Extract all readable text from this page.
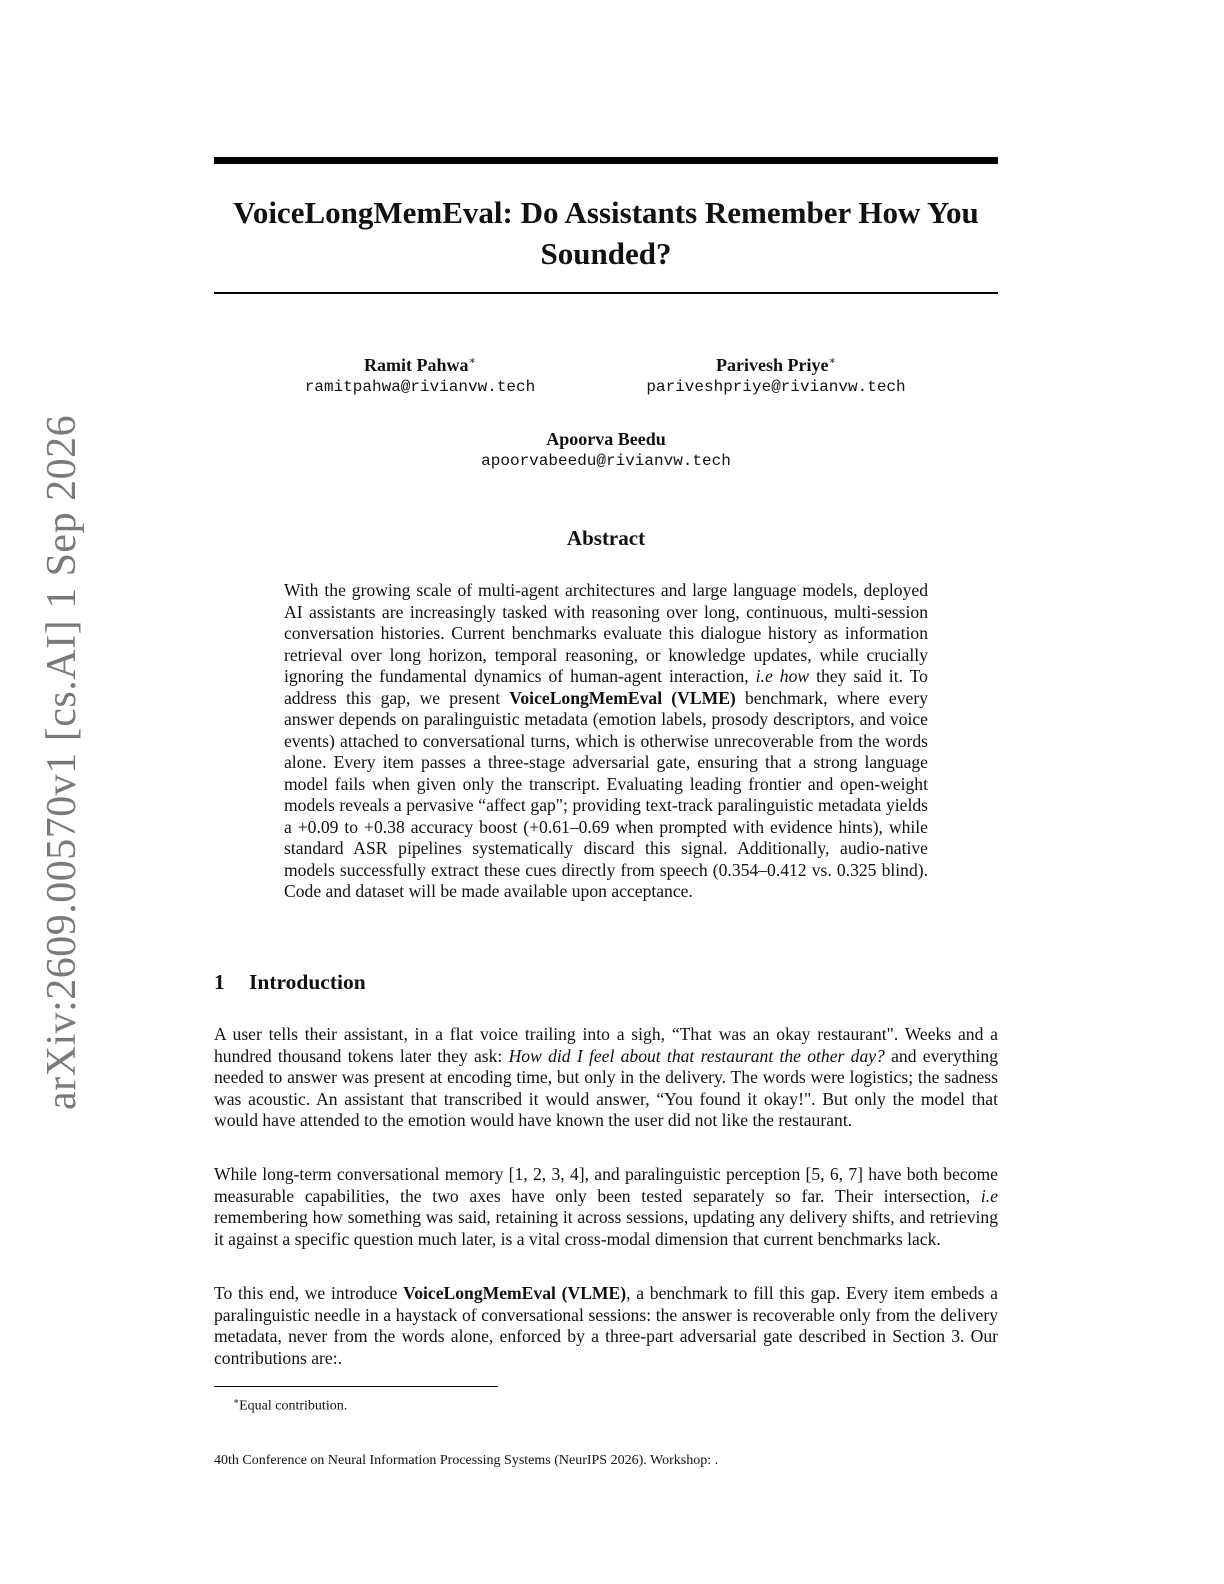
arXiv:2609.00570v1 [cs.AI] 1 Sep 2026
VoiceLongMemEval: Do Assistants Remember How You Sounded?
Ramit Pahwa∗
ramitpahwa@rivianvw.tech
Parivesh Priye∗
pariveshpriye@rivianvw.tech
Apoorva Beedu
apoorvabeedu@rivianvw.tech
Abstract

With the growing scale of multi-agent architectures and large language models, deployed AI assistants are increasingly tasked with reasoning over long, continuous, multi-session conversation histories. Current benchmarks evaluate this dialogue history as information retrieval over long horizon, temporal reasoning, or knowledge updates, while crucially ignoring the fundamental dynamics of human-agent interaction, i.e how they said it. To address this gap, we present VoiceLongMemEval (VLME) benchmark, where every answer depends on paralinguistic metadata (emotion labels, prosody descriptors, and voice events) attached to conversational turns, which is otherwise unrecoverable from the words alone. Every item passes a three-stage adversarial gate, ensuring that a strong language model fails when given only the transcript. Evaluating leading frontier and open-weight models reveals a pervasive “affect gap"; providing text-track paralinguistic metadata yields a +0.09 to +0.38 accuracy boost (+0.61–0.69 when prompted with evidence hints), while standard ASR pipelines systematically discard this signal. Additionally, audio-native models successfully extract these cues directly from speech (0.354–0.412 vs. 0.325 blind). Code and dataset will be made available upon acceptance.

1 Introduction

A user tells their assistant, in a flat voice trailing into a sigh, “That was an okay restaurant". Weeks and a hundred thousand tokens later they ask: How did I feel about that restaurant the other day? and everything needed to answer was present at encoding time, but only in the delivery. The words were logistics; the sadness was acoustic. An assistant that transcribed it would answer, “You found it okay!". But only the model that would have attended to the emotion would have known the user did not like the restaurant.

While long-term conversational memory [1, 2, 3, 4], and paralinguistic perception [5, 6, 7] have both become measurable capabilities, the two axes have only been tested separately so far. Their intersection, i.e remembering how something was said, retaining it across sessions, updating any delivery shifts, and retrieving it against a specific question much later, is a vital cross-modal dimension that current benchmarks lack.

To this end, we introduce VoiceLongMemEval (VLME), a benchmark to fill this gap. Every item embeds a paralinguistic needle in a haystack of conversational sessions: the answer is recoverable only from the delivery metadata, never from the words alone, enforced by a three-part adversarial gate described in Section 3. Our contributions are:.

∗Equal contribution.
40th Conference on Neural Information Processing Systems (NeurIPS 2026). Workshop: .
